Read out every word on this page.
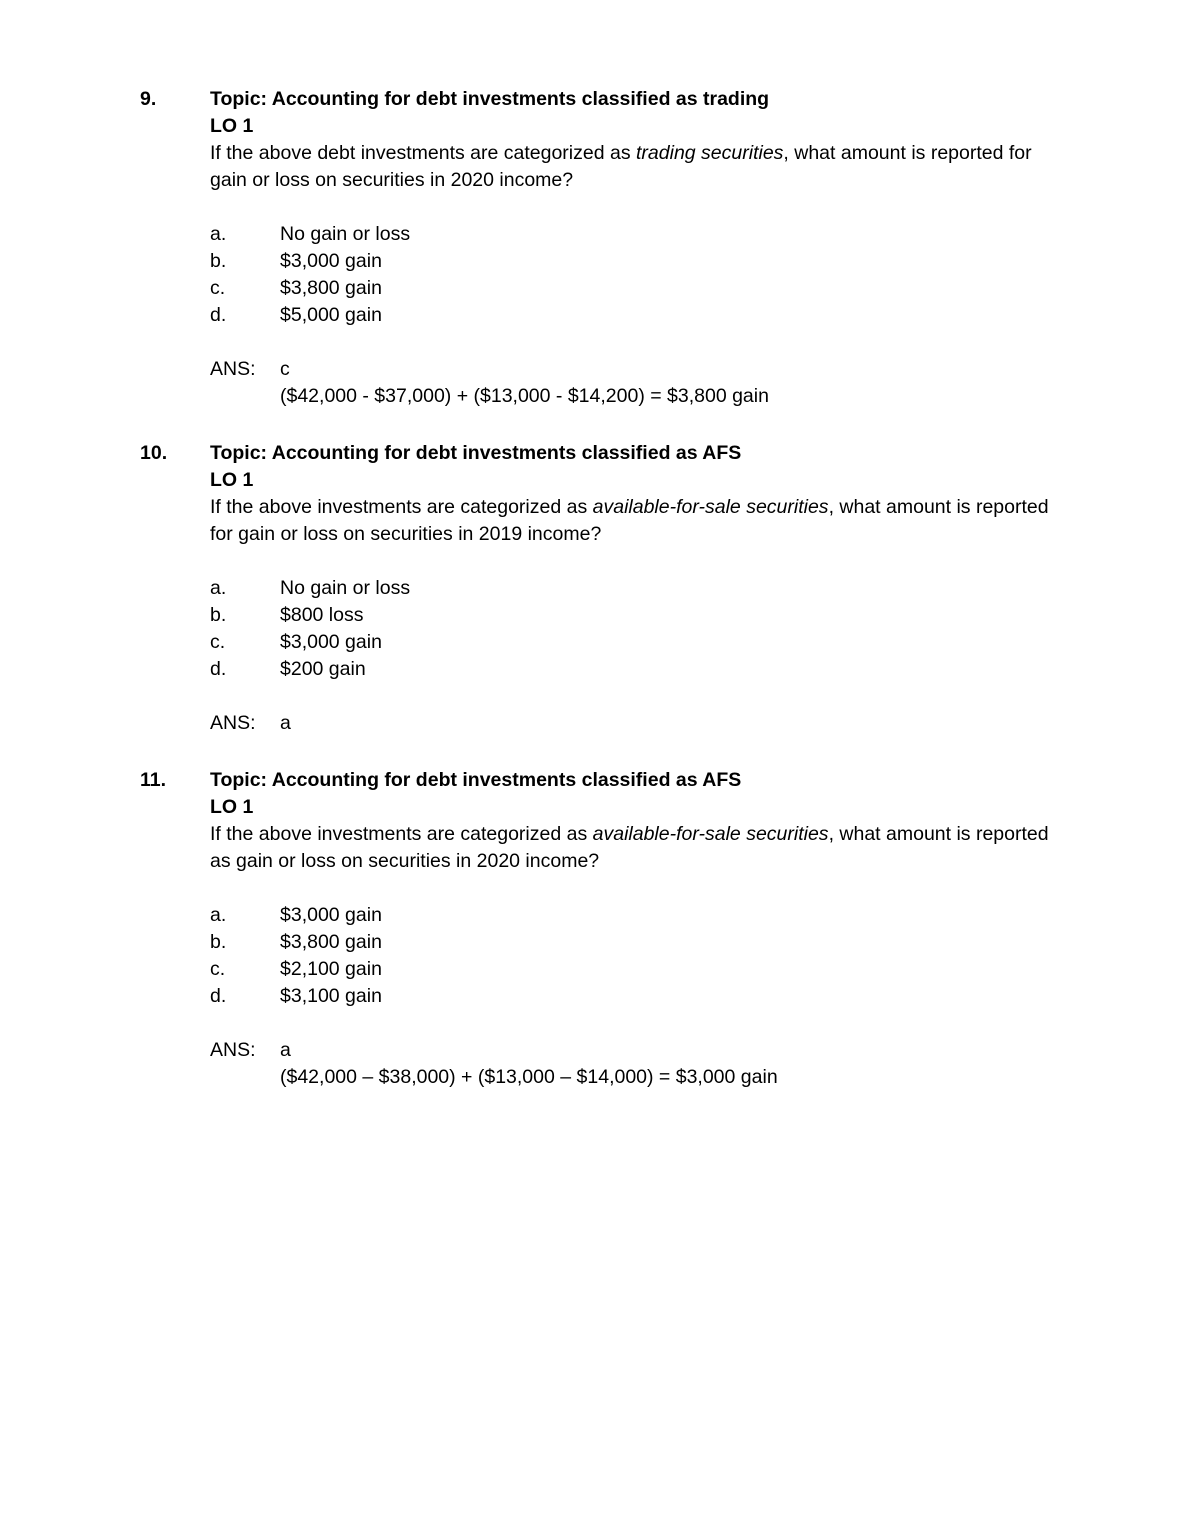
9.	Topic: Accounting for debt investments classified as trading
LO 1
If the above debt investments are categorized as trading securities, what amount is reported for gain or loss on securities in 2020 income?
a.	No gain or loss
b.	$3,000 gain
c.	$3,800 gain
d.	$5,000 gain
ANS:	c
($42,000 - $37,000) + ($13,000 - $14,200) = $3,800 gain
10.	Topic: Accounting for debt investments classified as AFS
LO 1
If the above investments are categorized as available-for-sale securities, what amount is reported for gain or loss on securities in 2019 income?
a.	No gain or loss
b.	$800 loss
c.	$3,000 gain
d.	$200 gain
ANS:	a
11.	Topic: Accounting for debt investments classified as AFS
LO 1
If the above investments are categorized as available-for-sale securities, what amount is reported as gain or loss on securities in 2020 income?
a.	$3,000 gain
b.	$3,800 gain
c.	$2,100 gain
d.	$3,100 gain
ANS:	a
($42,000 – $38,000) + ($13,000 – $14,000) = $3,000 gain
